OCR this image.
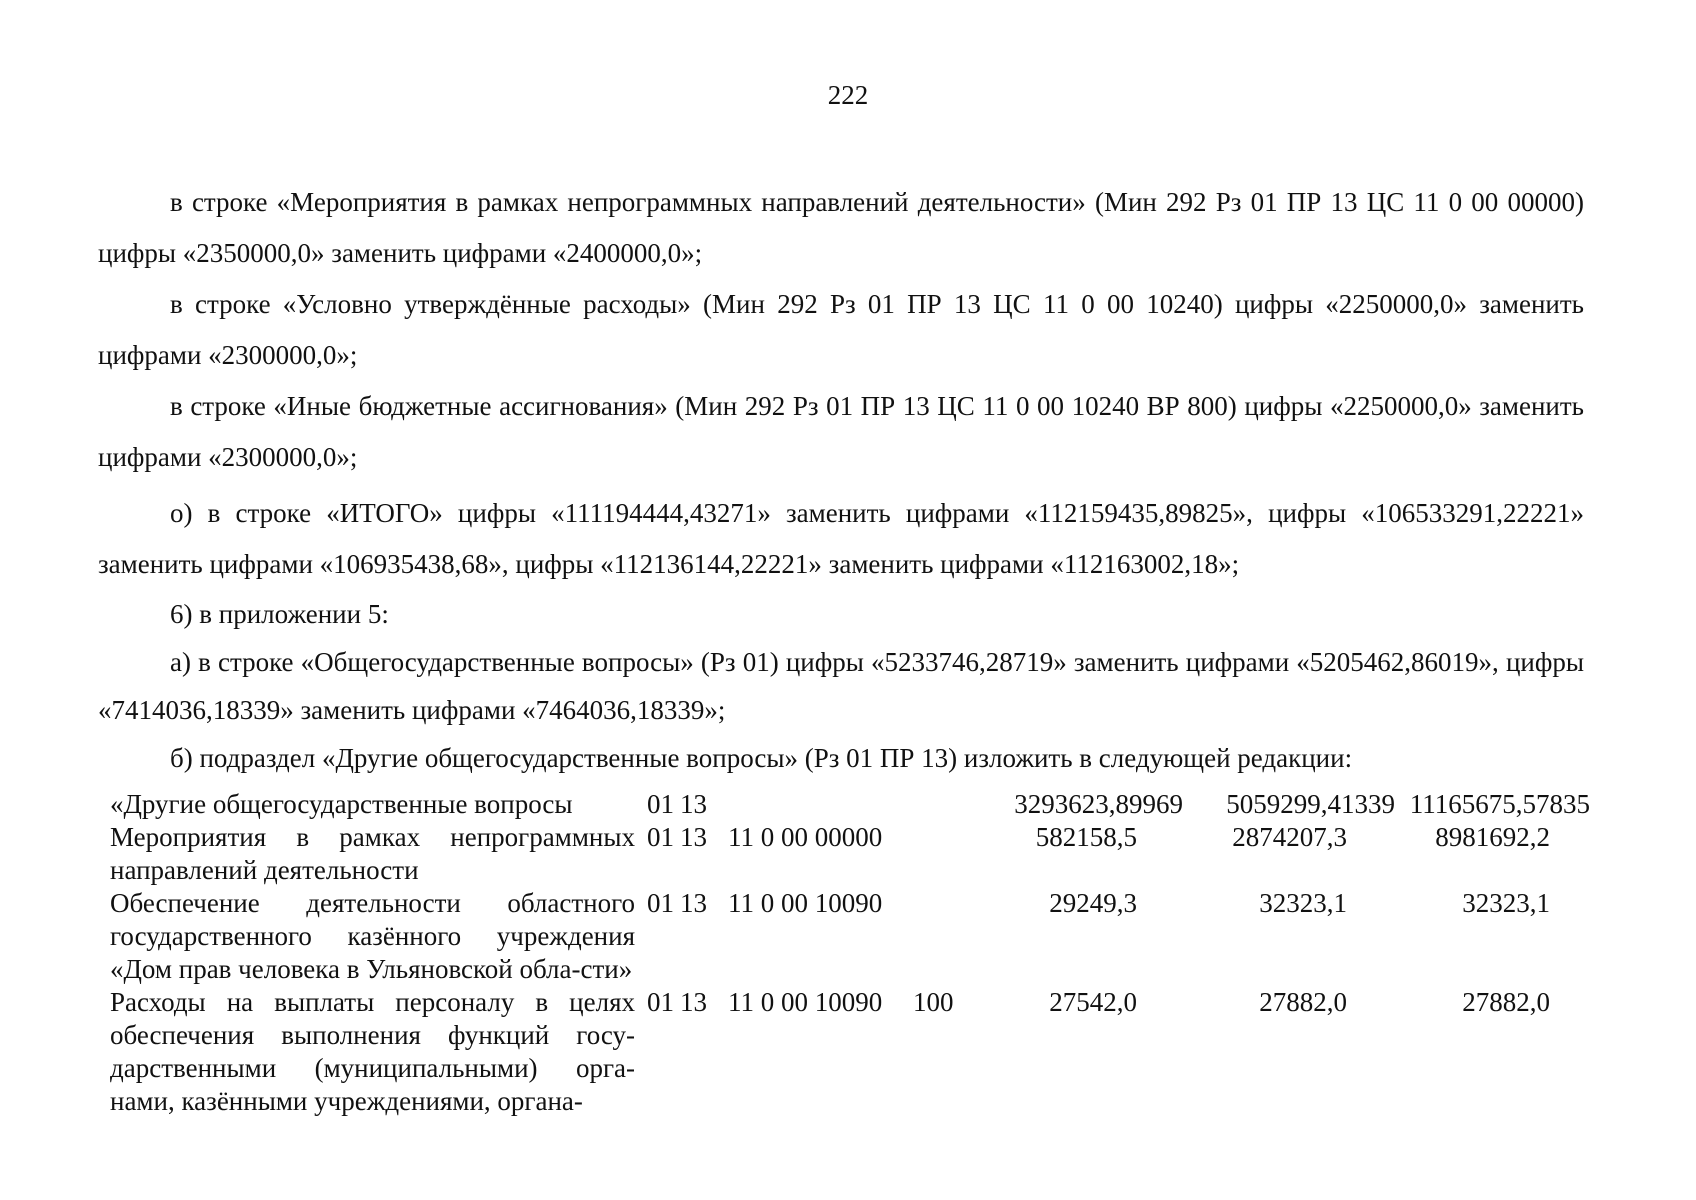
222

в строке «Мероприятия в рамках непрограммных направлений деятельности» (Мин 292 Рз 01 ПР 13 ЦС 11 0 00 00000) цифры «2350000,0» заменить цифрами «2400000,0»;

в строке «Условно утверждённые расходы» (Мин 292 Рз 01 ПР 13 ЦС 11 0 00 10240) цифры «2250000,0» заменить цифрами «2300000,0»;

в строке «Иные бюджетные ассигнования» (Мин 292 Рз 01 ПР 13 ЦС 11 0 00 10240 ВР 800) цифры «2250000,0» заменить цифрами «2300000,0»;

о) в строке «ИТОГО» цифры «111194444,43271» заменить цифрами «112159435,89825», цифры «106533291,22221» заменить цифрами «106935438,68», цифры «112136144,22221» заменить цифрами «112163002,18»;

6) в приложении 5:

а) в строке «Общегосударственные вопросы» (Рз 01) цифры «5233746,28719» заменить цифрами «5205462,86019», цифры «7414036,18339» заменить цифрами «7464036,18339»;

б) подраздел «Другие общегосударственные вопросы» (Рз 01 ПР 13) изложить в следующей редакции:

«Другие общегосударственные вопросы	01	13			3293623,89969	5059299,41339	11165675,57835
Мероприятия в рамках непрограммных направлений деятельности	01	13	11 0 00 00000		582158,5	2874207,3	8981692,2
Обеспечение деятельности областного государственного казённого учреждения «Дом прав человека в Ульяновской обла-сти»	01	13	11 0 00 10090		29249,3	32323,1	32323,1
Расходы на выплаты персоналу в целях обеспечения выполнения функций госу-дарственными (муниципальными) орга-нами, казёнными учреждениями, органа-	01	13	11 0 00 10090	100	27542,0	27882,0	27882,0
